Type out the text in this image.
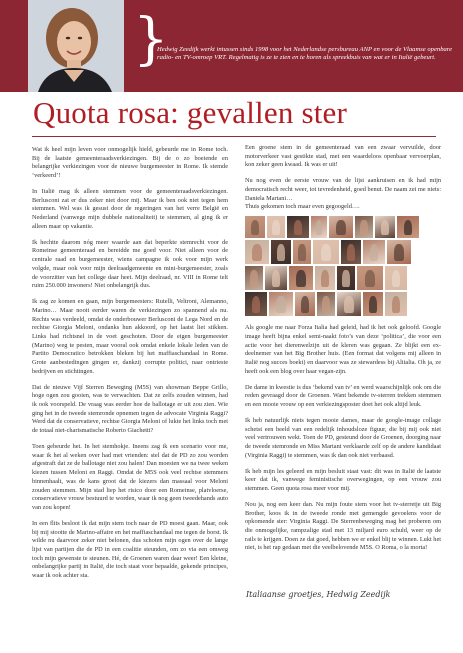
}
Hedwig Zeedijk werkt intussen sinds 1998 voor het Nederlandse persbureau ANP en voor de Vlaamse openbare radio- en TV-omroep VRT. Regelmatig is ze te zien en te horen als spreekbuis van wat er in Italië gebeurt.
Quota rosa: gevallen ster

Wat ik heel mijn leven voor onmogelijk hield, gebeurde me in Rome toch. Bij de laatste gemeenteraadsverkiezingen. Bij de o zo boeiende en belangrijke verkiezingen voor de nieuwe burgemeester in Rome. Ik stemde ‘verkeerd’!

In Italië mag ik alleen stemmen voor de gemeenteraadsverkiezingen. Berlusconi zat er dus zeker niet door mij. Maar ik ben ook niet tegen hem stemmen. Wel was ik gesust door de regeringen van het verre België en Nederland (vanwege mijn dubbele nationaliteit) te stemmen, al ging ik er alleen maar op vakantie.

Ik hechtte daarom nóg meer waarde aan dat beperkte stemrecht voor de Romeinse gemeenteraad en bereidde me goed voor. Niet alleen voor de centrale raad en burgemeester, wiens campagne ik ook voor mijn werk volgde, maar ook voor mijn deelraadgemeente en mini-burgemeester, zoals de voorzitter van het college daar heet. Mijn deelraad, nr. VIII in Rome telt ruim 250.000 inwoners! Niet onbelangrijk dus.

Ik zag ze komen en gaan, mijn burgemeesters: Rutelli, Veltroni, Alemanno, Marino… Maar nooit eerder waren de verkiezingen zo spannend als nu. Rechts was verdeeld, omdat de onderbouwer Berlusconi de Lega Nord en de rechtse Giorgia Meloni, ondanks hun akkoord, op het laatst liet stikken. Links had richtsnel in de voet geschoten. Door de eigen burgemeester (Marino) weg te pesten, maar vooral ook omdat enkele lokale leden van de Partito Democratico betrokken bleken bij het maffiaschandaal in Rome. Grote aanbestedingen gingen er, dankzij corrupte politici, naar ontrieste bedrijven en stichtingen.

Dat de nieuwe Vijf Sterren Beweging (M5S) van showman Beppe Grillo, hoge ogen zou gooien, was te verwachten. Dat ze zelfs zouden winnen, had ik ook voorspeld. De vraag was eerder hoe de ballotage er uit zou zien. Wie ging het in de tweede stemronde opnemen tegen de advocate Virginia Raggi? Werd dat de conservatieve, rechtse Giorgia Meloni of lukte het links toch met de totaal niet-charismatische Roberto Giachetti?

Toen gebeurde het. In het stemhokje. Ineens zag ik een scenario voor me, waar ik het al weken over had met vrienden: stel dat de PD zo zou worden afgestraft dat ze de ballotage niet zou halen! Dan moesten we na twee weken kiezen tussen Meloni en Raggi. Omdat de M5S ook veel rechtse stemmers binnenhaalt, was de kans groot dat de kiezers dan massaal voor Meloni zouden stemmen. Mijn stad liep het risico door een Romeinse, platvloerse, conservatieve vrouw bestuurd te worden, waar ik nog geen tweedehands auto van zou kopen!

In een flits besloot ik dat mijn stem toch naar de PD moest gaan. Maar, ook bij mij stootte de Marino-affaire en het maffiaschandaal me tegen de borst. Ik wilde nu daarvoor zeker niet belonen, dus schoten mijn ogen over de lange lijst van partijen die de PD in een coalitie steunden, om zo via een omweg toch mijn gewenste te steunen. Hé, de Groenen waren daar weer! Een kleine, onbelangrijke partij in Italië, die toch staat voor bepaalde, gekende principes, waar ik ook achter sta.

Een groene stem in de gemeenteraad van een zwaar vervuilde, door motorverkeer vast gestikte stad, met een waardeloos openbaar vervoerplan, kon zeker geen kwaad. Ik was er uit!

Nu nog even de eerste vrouw van de lijst aankruisen en ik had mijn democratisch recht weer, tot tevredenheid, goed benut. De naam zei me niets: Daniela Martani…

Thuis gekomen toch maar even gegoogeld….

Als google me naar Forza Italia had geleid, had ik het ook geloofd. Google image heeft bijna enkel semi-naakt foto’s van deze ‘politica’, die voor een actie voor het dierenwelzijn uit de kleren was gegaan. Ze blijkt een ex-deelnemer van het Big Brother huis. (Een format dat volgens mij alleen in Italië nog succes boekt) en daarvoor was ze stewardess bij Alitalia. Oh ja, ze heeft ook een blog over haar vegan-zijn.

De dame in kwestie is dus ‘bekend van tv’ en werd waarschijnlijk ook om die reden gevraagd door de Groenen. Want bekende tv-sterren trekken stemmen en een mooie vrouw op een verkiezingsposter doet het ook altijd leuk.

Ik heb natuurlijk niets tegen mooie dames, maar de google-image collage schetst een beeld van een redelijk inhoudsloze figuur, die bij mij ook niet veel vertrouwen wekt. Toen de PD, gesteund door de Groenen, doorging naar de tweede stemronde en Miss Martani verklaarde zelf op de andere kandidaat (Virginia Raggi) te stemmen, was ik dan ook niet verbaasd.

Ik heb mijn les geleerd en mijn besluit staat vast: dit was in Italië de laatste keer dat ik, vanwege feministische overwegingen, op een vrouw zou stemmen. Geen quota rosa meer voor mij.

Nou ja, nog een keer dan. Nu mijn foute stem voor het tv-sterretje uit Big Brother, koos ik in de tweede ronde met gemengde gevoelens voor de opkomende ster: Virginia Raggi. De Sterrenbeweging mag het proberen om die onmogelijke, rampzalige stad met 13 miljard euro schuld, weer op de rails te krijgen. Doen ze dat goed, hebben we er enkel blij te winnen. Lukt het niet, is het rap gedaan met die veelbelovende M5S. O Roma, o la morta!

Italiaanse groetjes, Hedwig Zeedijk
